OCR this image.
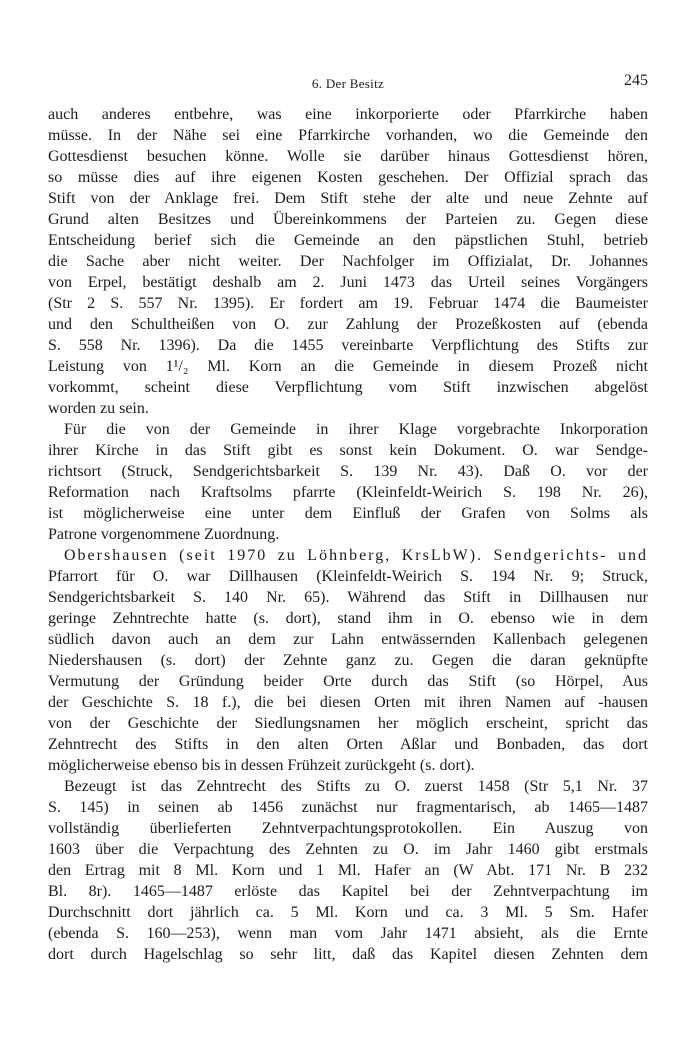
6. Der Besitz	245
auch anderes entbehre, was eine inkorporierte oder Pfarrkirche haben
müsse. In der Nähe sei eine Pfarrkirche vorhanden, wo die Gemeinde den
Gottesdienst besuchen könne. Wolle sie darüber hinaus Gottesdienst hören,
so müsse dies auf ihre eigenen Kosten geschehen. Der Offizial sprach das
Stift von der Anklage frei. Dem Stift stehe der alte und neue Zehnte auf
Grund alten Besitzes und Übereinkommens der Parteien zu. Gegen diese
Entscheidung berief sich die Gemeinde an den päpstlichen Stuhl, betrieb
die Sache aber nicht weiter. Der Nachfolger im Offizialat, Dr. Johannes
von Erpel, bestätigt deshalb am 2. Juni 1473 das Urteil seines Vorgängers
(Str 2 S. 557 Nr. 1395). Er fordert am 19. Februar 1474 die Baumeister
und den Schultheißen von O. zur Zahlung der Prozeßkosten auf (ebenda
S. 558 Nr. 1396). Da die 1455 vereinbarte Verpflichtung des Stifts zur
Leistung von 1¹/₂ Ml. Korn an die Gemeinde in diesem Prozeß nicht
vorkommt, scheint diese Verpflichtung vom Stift inzwischen abgelöst
worden zu sein.
Für die von der Gemeinde in ihrer Klage vorgebrachte Inkorporation
ihrer Kirche in das Stift gibt es sonst kein Dokument. O. war Sendge-
richtsort (Struck, Sendgerichtsbarkeit S. 139 Nr. 43). Daß O. vor der
Reformation nach Kraftsolms pfarrte (Kleinfeldt-Weirich S. 198 Nr. 26),
ist möglicherweise eine unter dem Einfluß der Grafen von Solms als
Patrone vorgenommene Zuordnung.
Obershausen (seit 1970 zu Löhnberg, KrsLbW). Sendgerichts- und
Pfarrort für O. war Dillhausen (Kleinfeldt-Weirich S. 194 Nr. 9; Struck,
Sendgerichtsbarkeit S. 140 Nr. 65). Während das Stift in Dillhausen nur
geringe Zehntrechte hatte (s. dort), stand ihm in O. ebenso wie in dem
südlich davon auch an dem zur Lahn entwässernden Kallenbach gelegenen
Niedershausen (s. dort) der Zehnte ganz zu. Gegen die daran geknüpfte
Vermutung der Gründung beider Orte durch das Stift (so Hörpel, Aus
der Geschichte S. 18 f.), die bei diesen Orten mit ihren Namen auf -hausen
von der Geschichte der Siedlungsnamen her möglich erscheint, spricht das
Zehntrecht des Stifts in den alten Orten Aßlar und Bonbaden, das dort
möglicherweise ebenso bis in dessen Frühzeit zurückgeht (s. dort).
Bezeugt ist das Zehntrecht des Stifts zu O. zuerst 1458 (Str 5,1 Nr. 37
S. 145) in seinen ab 1456 zunächst nur fragmentarisch, ab 1465—1487
vollständig überlieferten Zehntverpachtungsprotokollen. Ein Auszug von
1603 über die Verpachtung des Zehnten zu O. im Jahr 1460 gibt erstmals
den Ertrag mit 8 Ml. Korn und 1 Ml. Hafer an (W Abt. 171 Nr. B 232
Bl. 8r). 1465—1487 erlöste das Kapitel bei der Zehntverpachtung im
Durchschnitt dort jährlich ca. 5 Ml. Korn und ca. 3 Ml. 5 Sm. Hafer
(ebenda S. 160—253), wenn man vom Jahr 1471 absieht, als die Ernte
dort durch Hagelschlag so sehr litt, daß das Kapitel diesen Zehnten dem
